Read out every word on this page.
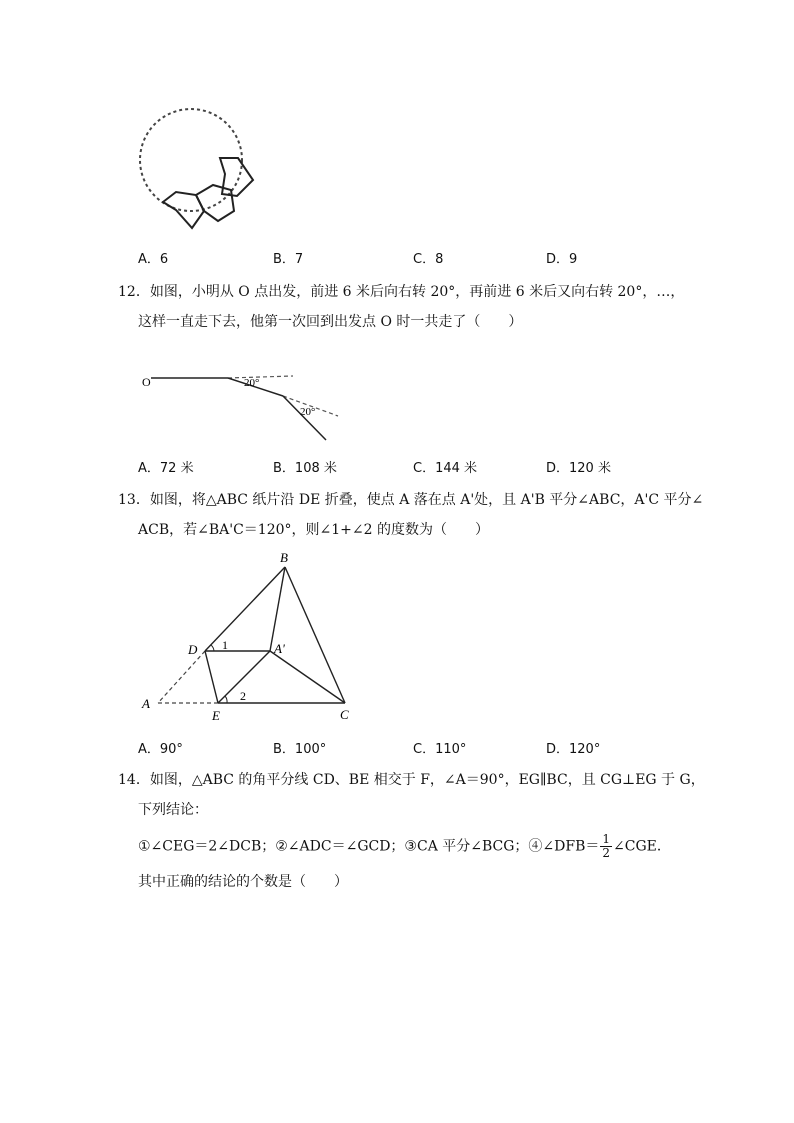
A．6	B．7	C．8	D．9
12．如图，小明从 O 点出发，前进 6 米后向右转 20°，再前进 6 米后又向右转 20°，…，
这样一直走下去，他第一次回到出发点 O 时一共走了（　　）
O	20°
20°
A．72 米	B．108 米	C．144 米	D．120 米
13．如图，将△ABC 纸片沿 DE 折叠，使点 A 落在点 A'处，且 A'B 平分∠ABC，A'C 平分∠
ACB，若∠BA'C＝120°，则∠1+∠2 的度数为（　　）
B
D 1	A'
2
A
E	C
A．90°	B．100°	C．110°	D．120°
14．如图，△ABC 的角平分线 CD、BE 相交于 F，∠A＝90°，EG∥BC，且 CG⊥EG 于 G，
下列结论：
①∠CEG＝2∠DCB；②∠ADC＝∠GCD；③CA 平分∠BCG；④∠DFB＝ $\frac{1}{2}$ ∠CGE．
其中正确的结论的个数是（　　）
